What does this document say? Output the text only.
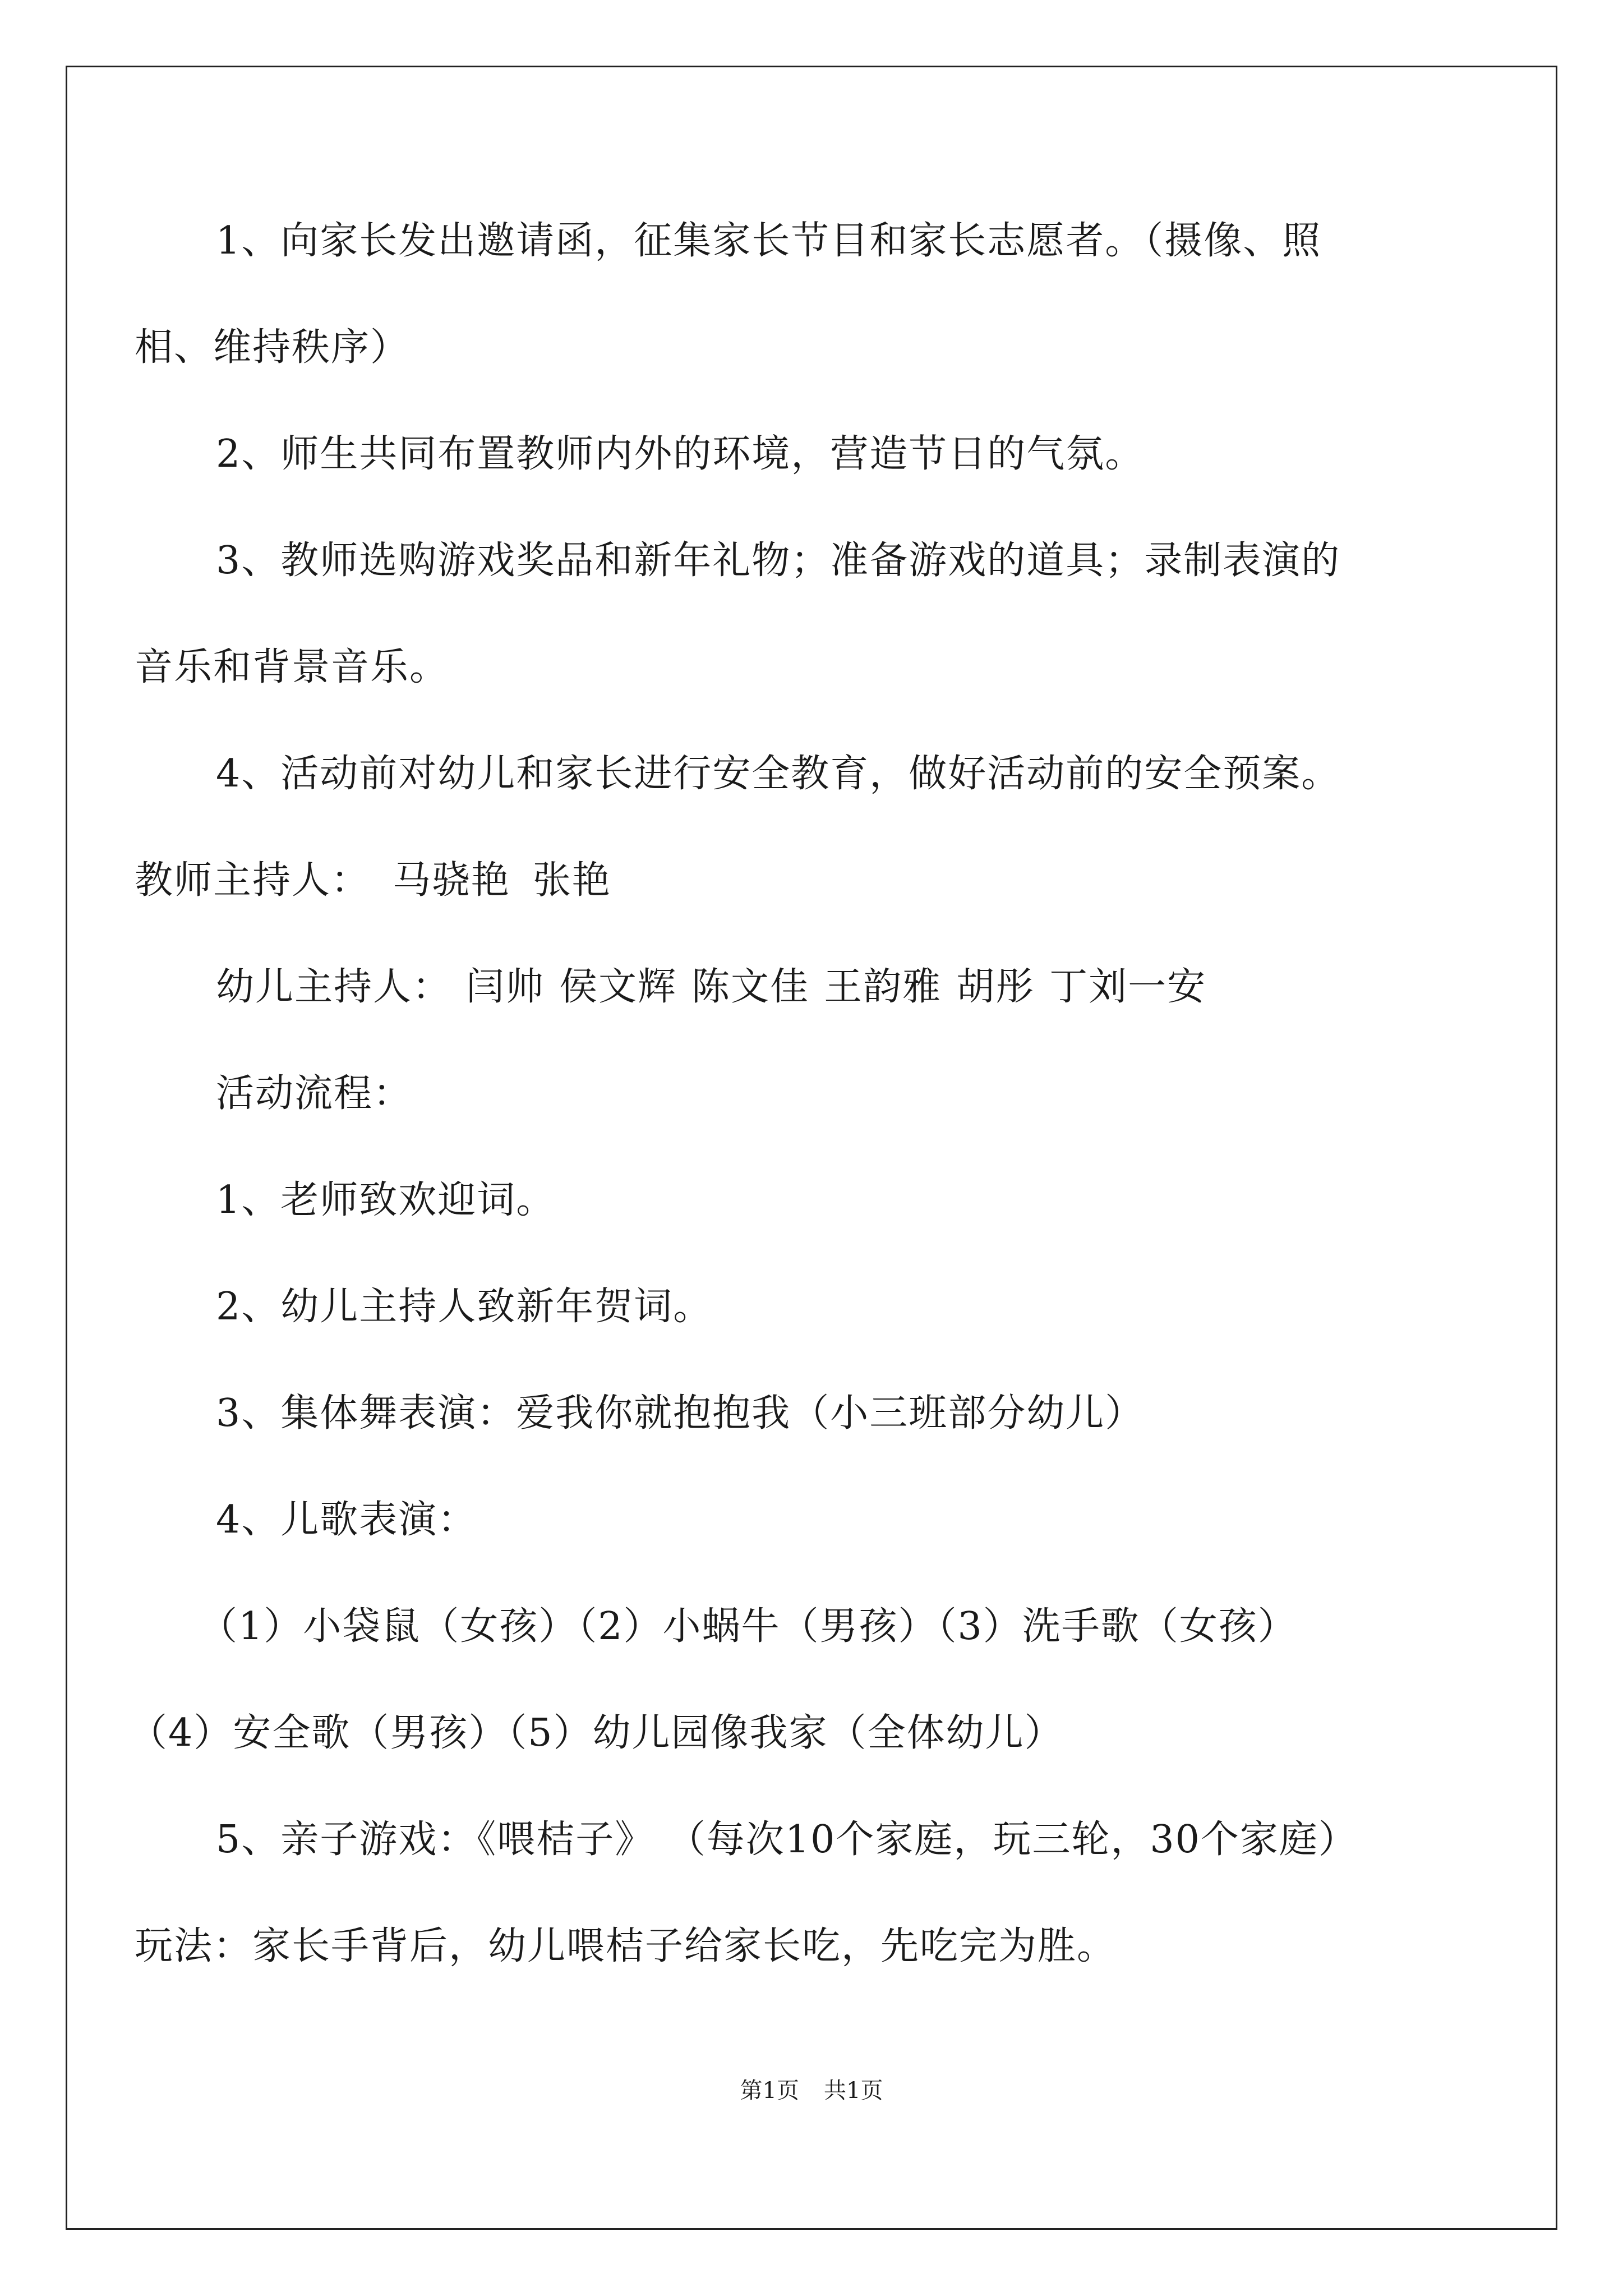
1、向家长发出邀请函，征集家长节目和家长志愿者。（摄像、照
相、维持秩序）
2、师生共同布置教师内外的环境，营造节日的气氛。
3、教师选购游戏奖品和新年礼物；准备游戏的道具；录制表演的
音乐和背景音乐。
4、活动前对幼儿和家长进行安全教育，做好活动前的安全预案。
教师主持人： 马骁艳 张艳
幼儿主持人： 闫帅 侯文辉 陈文佳 王韵雅 胡彤 丁刘一安
活动流程：
1、老师致欢迎词。
2、幼儿主持人致新年贺词。
3、集体舞表演：爱我你就抱抱我（小三班部分幼儿）
4、儿歌表演：
（1）小袋鼠（女孩）（2）小蜗牛（男孩）（3）洗手歌（女孩）
（4）安全歌（男孩）（5）幼儿园像我家（全体幼儿）
5、亲子游戏：《喂桔子》 （每次10个家庭，玩三轮，30个家庭）
玩法：家长手背后，幼儿喂桔子给家长吃，先吃完为胜。
第1页 共1页
